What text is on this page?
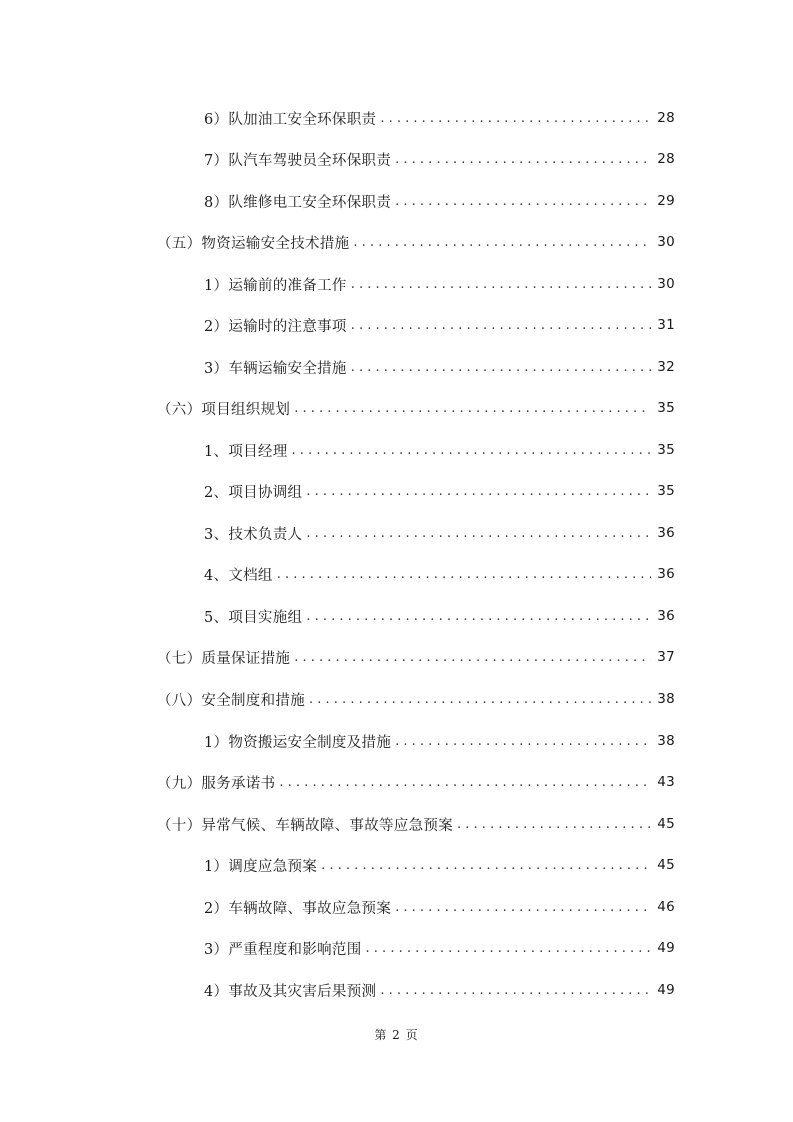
6）队加油工安全环保职责 . . .	28
7）队汽车驾驶员全环保职责 . . .	28
8）队维修电工安全环保职责 . . .	29
（五）物资运输安全技术措施 . . .	30
1）运输前的准备工作 . . .	30
2）运输时的注意事项 . . .	31
3）车辆运输安全措施 . . .	32
（六）项目组织规划 . . .	35
1、项目经理 . . .	35
2、项目协调组 . . .	35
3、技术负责人 . . .	36
4、文档组 . . .	36
5、项目实施组 . . .	36
（七）质量保证措施 . . .	37
（八）安全制度和措施 . . .	38
1）物资搬运安全制度及措施 . . .	38
（九）服务承诺书 . . .	43
（十）异常气候、车辆故障、事故等应急预案 . . .	45
1）调度应急预案 . . .	45
2）车辆故障、事故应急预案 . . .	46
3）严重程度和影响范围 . . .	49
4）事故及其灾害后果预测 . . .	49
第 2 页
